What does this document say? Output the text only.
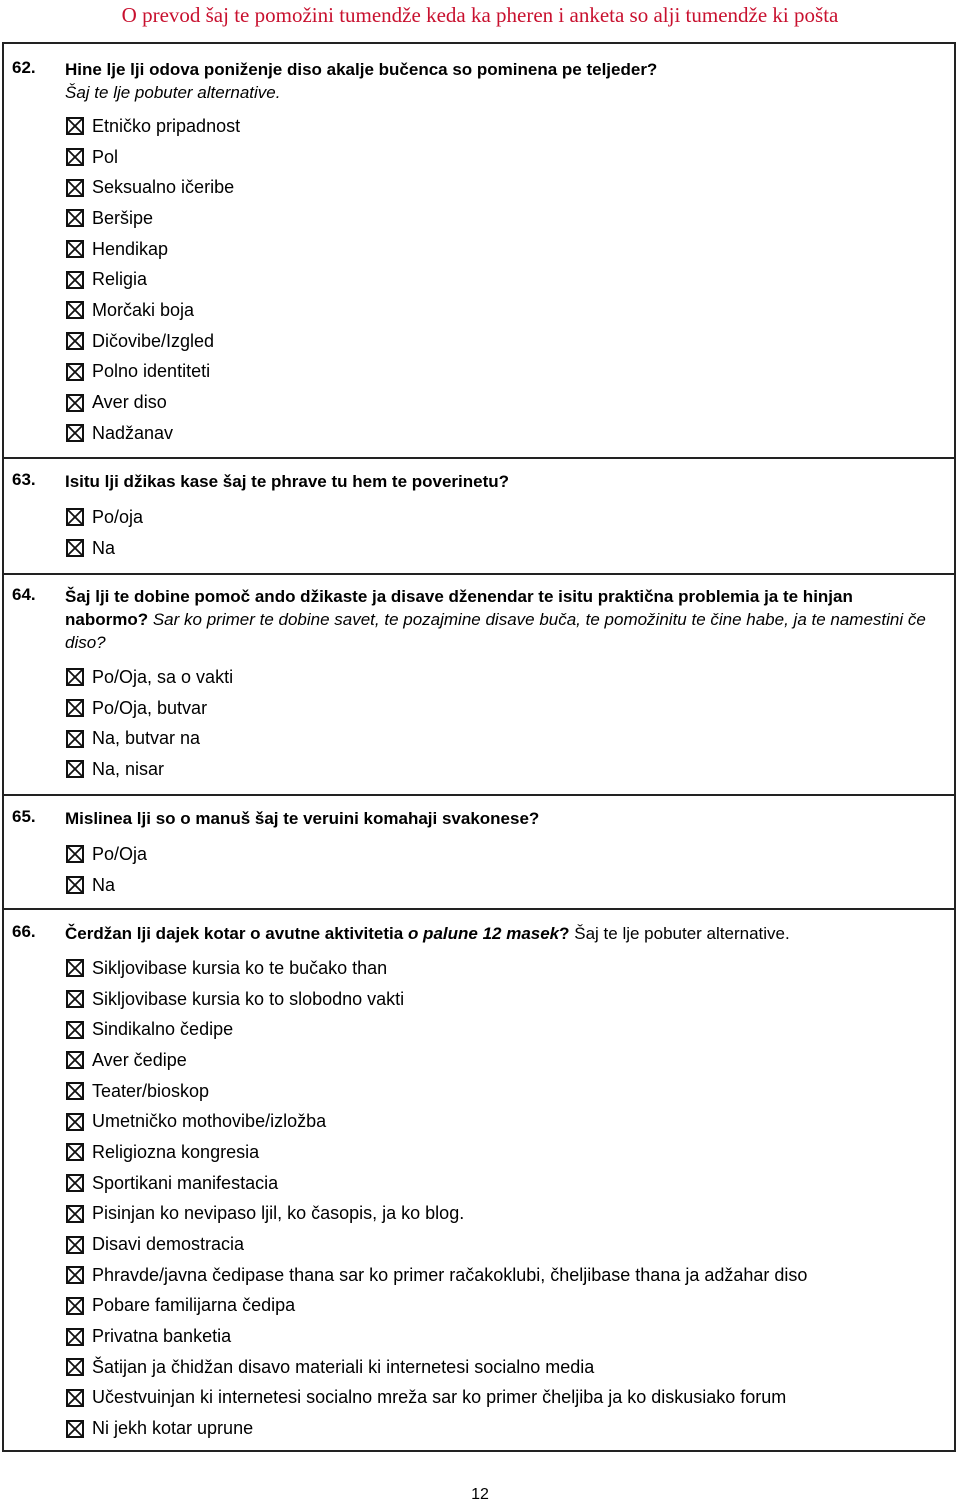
O prevod šaj te pomožini tumendže keda ka pheren i anketa so alji tumendže ki pošta
62.	Hine lje lji odova poniženje diso akalje bučenca so pominena pe teljeder?
Šaj te lje pobuter alternative.
Etničko pripadnost
Pol
Seksualno ičeribe
Beršipe
Hendikap
Religia
Morčaki boja
Dičovibe/Izgled
Polno identiteti
Aver diso
Nadžanav
63.	Isitu lji džikas kase šaj te phrave tu hem te poverinetu?
Po/oja
Na
64.	Šaj lji te dobine pomoč ando džikaste ja disave dženendar te isitu praktična problemia ja te hinjan nabormo? Sar ko primer te dobine savet, te pozajmine disave buča, te pomožinitu te čine habe, ja te namestini če diso?
Po/Oja, sa o vakti
Po/Oja, butvar
Na, butvar na
Na, nisar
65.	Mislinea lji so o manuš šaj te veruini komahaji svakonese?
Po/Oja
Na
66.	Čerdžan lji dajek kotar o avutne aktivitetia o palune 12 masek? Šaj te lje pobuter alternative.
Sikljovibase kursia ko te bučako than
Sikljovibase kursia ko to slobodno vakti
Sindikalno čedipe
Aver čedipe
Teater/bioskop
Umetničko mothovibe/izložba
Religiozna kongresia
Sportikani manifestacia
Pisinjan ko nevipaso ljil, ko časopis, ja ko blog.
Disavi demostracia
Phravde/javna čedipase thana sar ko primer račakoklubi, čheljibase thana ja adžahar diso
Pobare familijarna čedipa
Privatna banketia
Šatijan ja čhidžan disavo materiali ki internetesi socialno media
Učestvuinjan ki internetesi socialno mreža sar ko primer čheljiba ja ko diskusiako forum
Ni jekh kotar uprune
12
